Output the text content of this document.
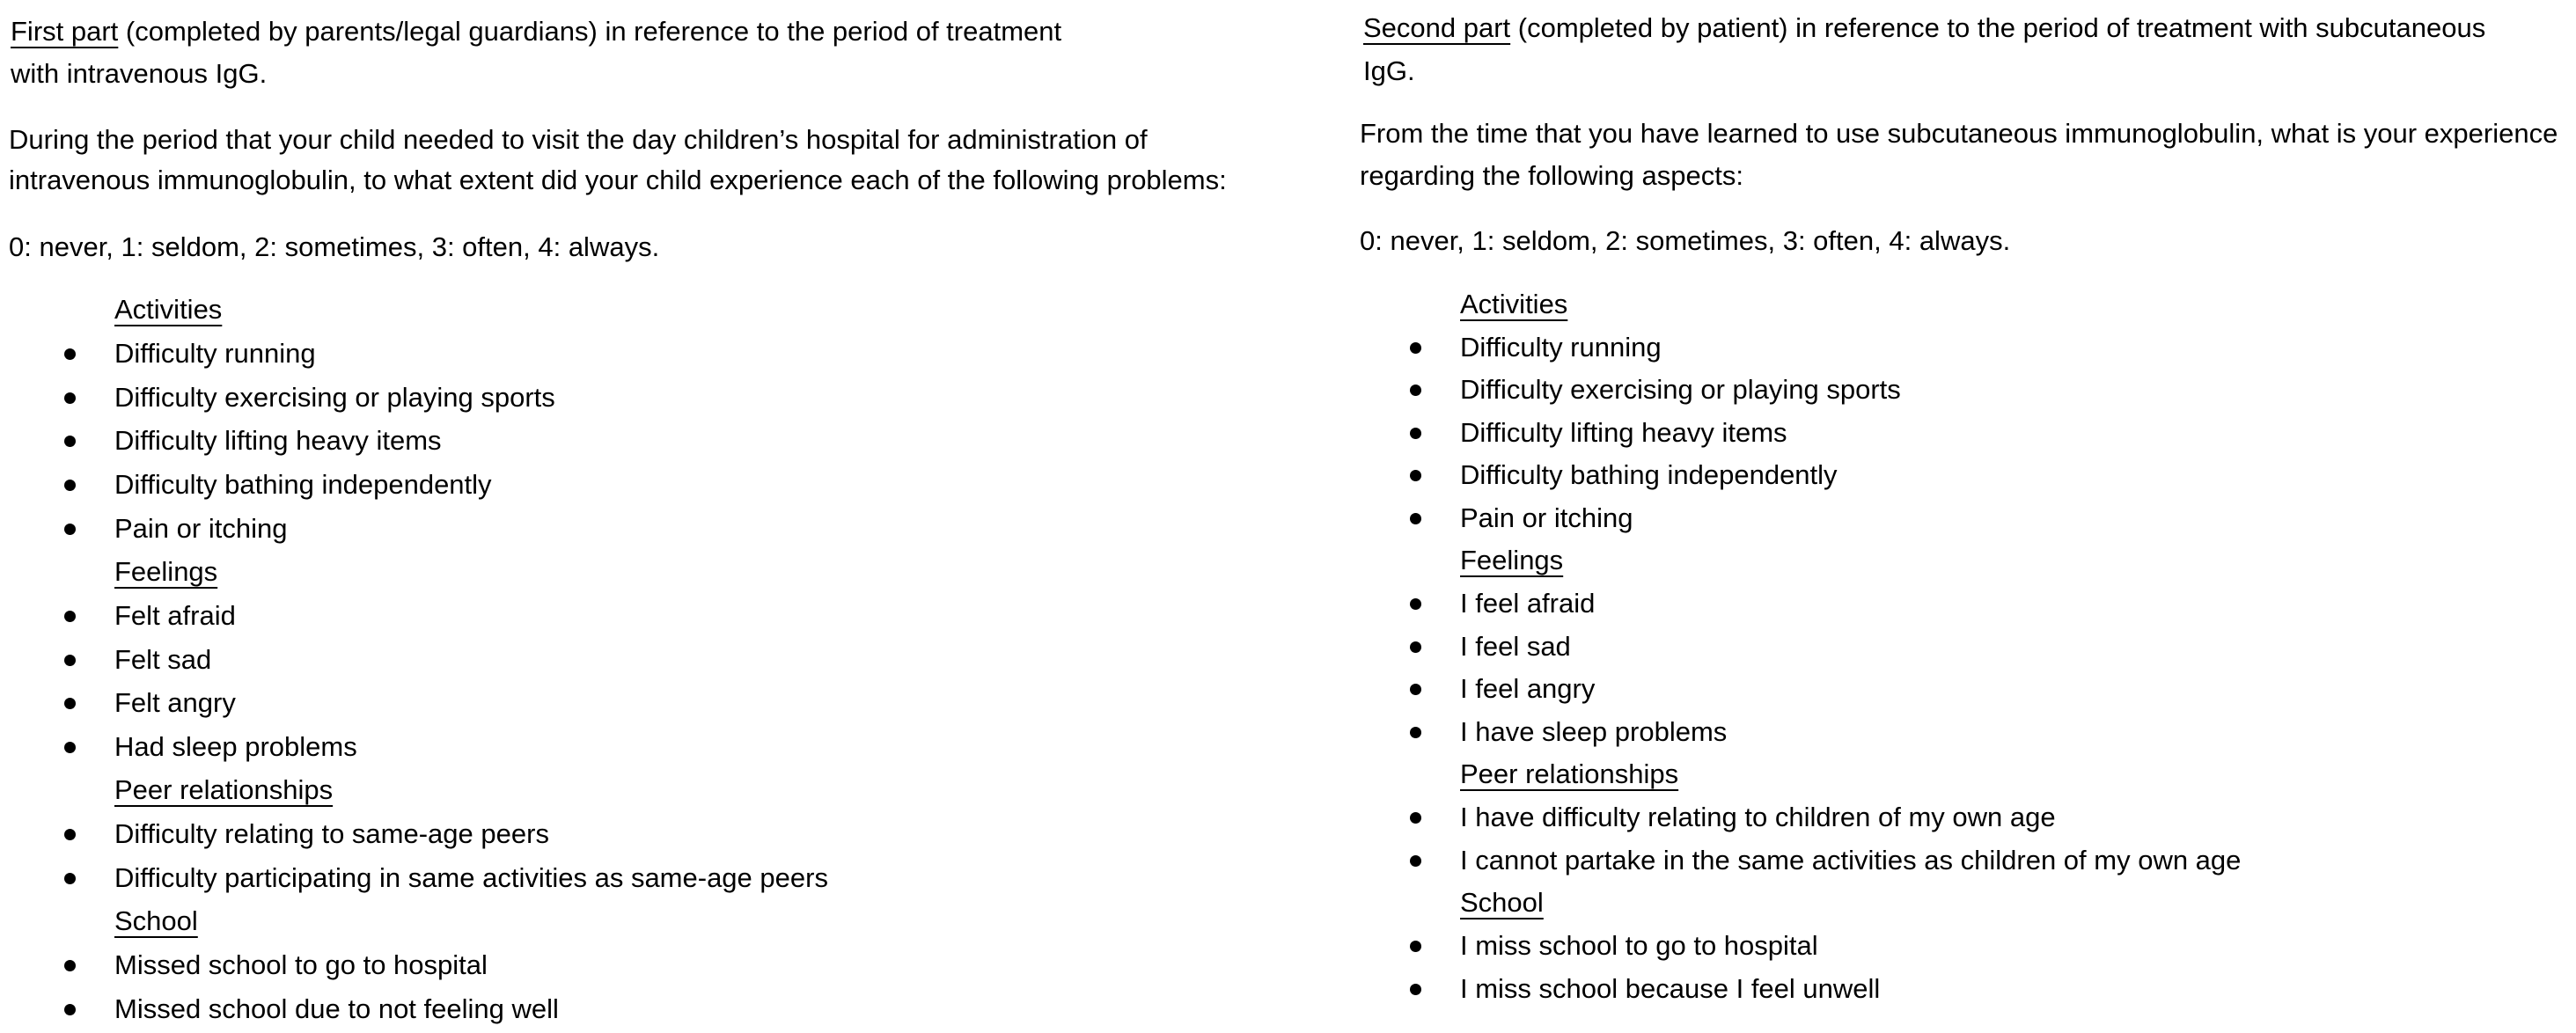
First part (completed by parents/legal guardians) in reference to the period of treatment
with intravenous IgG.
During the period that your child needed to visit the day children’s hospital for administration of
intravenous immunoglobulin, to what extent did your child experience each of the following problems:
0: never, 1: seldom, 2: sometimes, 3: often, 4: always.
Activities
Difficulty running
Difficulty exercising or playing sports
Difficulty lifting heavy items
Difficulty bathing independently
Pain or itching
Feelings
Felt afraid
Felt sad
Felt angry
Had sleep problems
Peer relationships
Difficulty relating to same-age peers
Difficulty participating in same activities as same-age peers
School
Missed school to go to hospital
Missed school due to not feeling well
Second part (completed by patient) in reference to the period of treatment with subcutaneous
IgG.
From the time that you have learned to use subcutaneous immunoglobulin, what is your experience
regarding the following aspects:
0: never, 1: seldom, 2: sometimes, 3: often, 4: always.
Activities
Difficulty running
Difficulty exercising or playing sports
Difficulty lifting heavy items
Difficulty bathing independently
Pain or itching
Feelings
I feel afraid
I feel sad
I feel angry
I have sleep problems
Peer relationships
I have difficulty relating to children of my own age
I cannot partake in the same activities as children of my own age
School
I miss school to go to hospital
I miss school because I feel unwell
